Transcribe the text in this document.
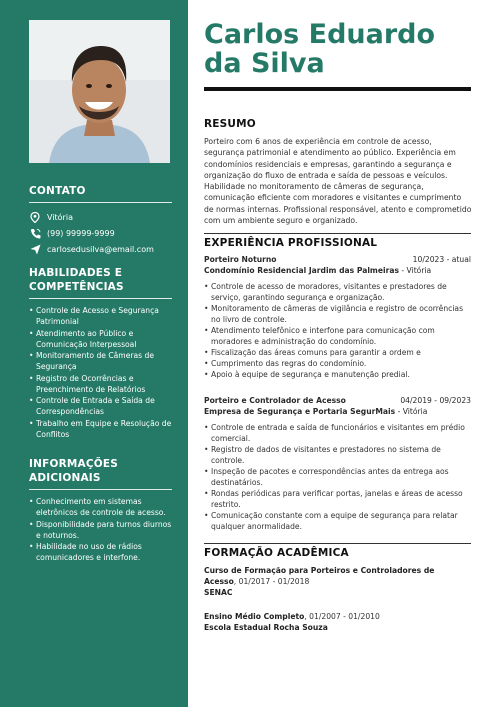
CONTATO
Vitória
(99) 99999-9999
carlosedusilva@email.com
HABILIDADES E COMPETÊNCIAS
• Controle de Acesso e Segurança Patrimonial
• Atendimento ao Público e Comunicação Interpessoal
• Monitoramento de Câmeras de Segurança
• Registro de Ocorrências e Preenchimento de Relatórios
• Controle de Entrada e Saída de Correspondências
• Trabalho em Equipe e Resolução de Conflitos
INFORMAÇÕES ADICIONAIS
• Conhecimento em sistemas eletrônicos de controle de acesso.
• Disponibilidade para turnos diurnos e noturnos.
• Habilidade no uso de rádios comunicadores e interfone.
Carlos Eduardo da Silva
RESUMO
Porteiro com 6 anos de experiência em controle de acesso, segurança patrimonial e atendimento ao público. Experiência em condomínios residenciais e empresas, garantindo a segurança e organização do fluxo de entrada e saída de pessoas e veículos. Habilidade no monitoramento de câmeras de segurança, comunicação eficiente com moradores e visitantes e cumprimento de normas internas. Profissional responsável, atento e comprometido com um ambiente seguro e organizado.
EXPERIÊNCIA PROFISSIONAL
Porteiro Noturno	10/2023 - atual
Condomínio Residencial Jardim das Palmeiras - Vitória
• Controle de acesso de moradores, visitantes e prestadores de serviço, garantindo segurança e organização.
• Monitoramento de câmeras de vigilância e registro de ocorrências no livro de controle.
• Atendimento telefônico e interfone para comunicação com moradores e administração do condomínio.
• Fiscalização das áreas comuns para garantir a ordem e
• Cumprimento das regras do condomínio.
• Apoio à equipe de segurança e manutenção predial.
Porteiro e Controlador de Acesso	04/2019 - 09/2023
Empresa de Segurança e Portaria SegurMais - Vitória
• Controle de entrada e saída de funcionários e visitantes em prédio comercial.
• Registro de dados de visitantes e prestadores no sistema de controle.
• Inspeção de pacotes e correspondências antes da entrega aos destinatários.
• Rondas periódicas para verificar portas, janelas e áreas de acesso restrito.
• Comunicação constante com a equipe de segurança para relatar qualquer anormalidade.
FORMAÇÃO ACADÊMICA
Curso de Formação para Porteiros e Controladores de Acesso, 01/2017 - 01/2018
SENAC
Ensino Médio Completo, 01/2007 - 01/2010
Escola Estadual Rocha Souza
